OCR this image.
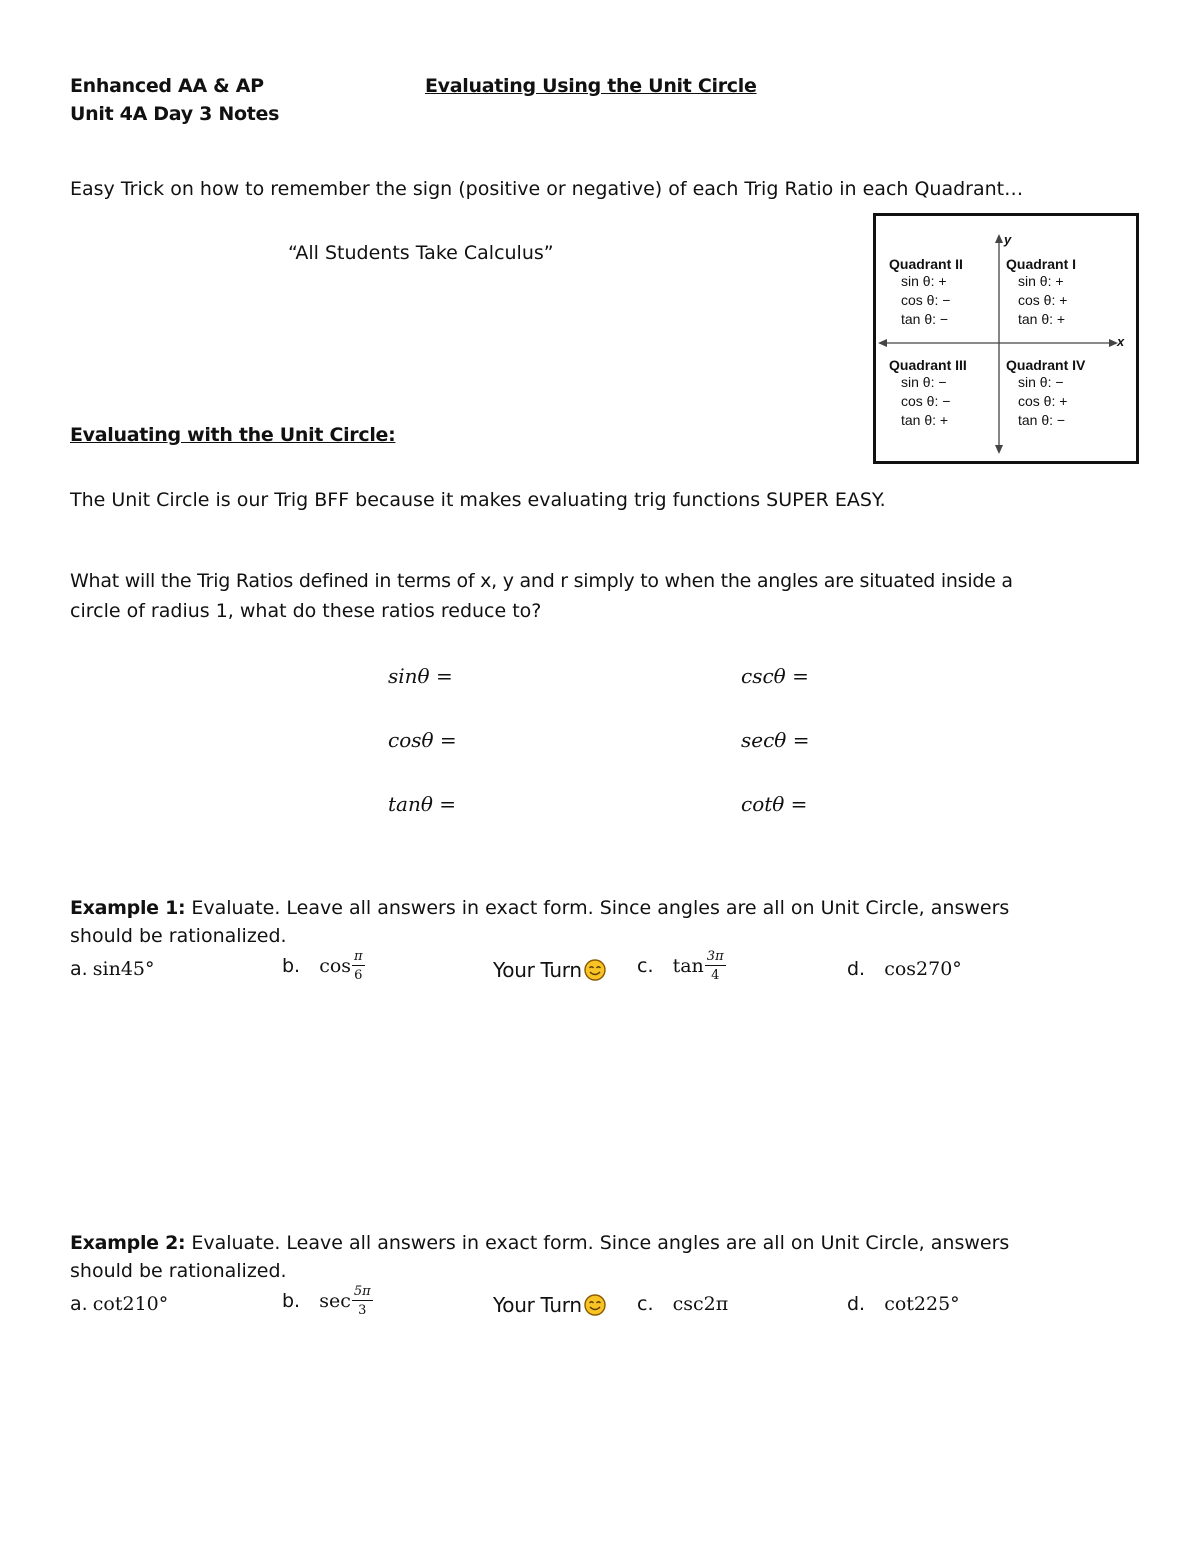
Enhanced AA & AP
Unit 4A Day 3 Notes
Evaluating Using the Unit Circle
Easy Trick on how to remember the sign (positive or negative) of each Trig Ratio in each Quadrant…
“All Students Take Calculus”
y
x
Quadrant II
sin θ: +
cos θ: −
tan θ: −
Quadrant I
sin θ: +
cos θ: +
tan θ: +
Quadrant III
sin θ: −
cos θ: −
tan θ: +
Quadrant IV
sin θ: −
cos θ: +
tan θ: −
Evaluating with the Unit Circle:
The Unit Circle is our Trig BFF because it makes evaluating trig functions SUPER EASY.
What will the Trig Ratios defined in terms of x, y and r simply to when the angles are situated inside a
circle of radius 1, what do these ratios reduce to?
sinθ =	cscθ =
cosθ =	secθ =
tanθ =	cotθ =
Example 1: Evaluate. Leave all answers in exact form. Since angles are all on Unit Circle, answers
should be rationalized.
a. sin45°	b. $\cos \frac{\pi}{6}$	Your Turn	c. $\tan \frac{3\pi}{4}$	d. cos270°
Example 2: Evaluate. Leave all answers in exact form. Since angles are all on Unit Circle, answers
should be rationalized.
a. cot210°	b. $\sec \frac{5\pi}{3}$	Your Turn	c. csc2π	d. cot225°
